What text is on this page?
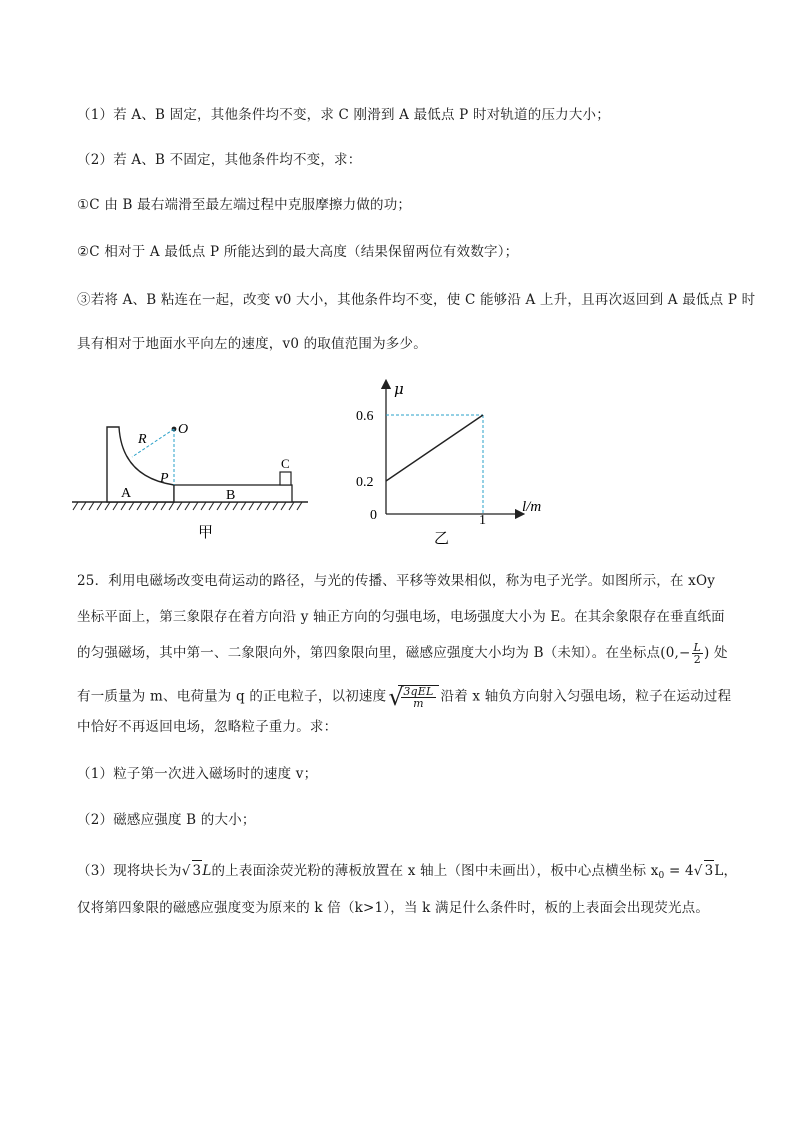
（1）若 A、B 固定，其他条件均不变，求 C 刚滑到 A 最低点 P 时对轨道的压力大小；
（2）若 A、B 不固定，其他条件均不变，求：
①C 由 B 最右端滑至最左端过程中克服摩擦力做的功；
②C 相对于 A 最低点 P 所能达到的最大高度（结果保留两位有效数字）；
③若将 A、B 粘连在一起，改变 v0 大小，其他条件均不变，使 C 能够沿 A 上升，且再次返回到 A 最低点 P 时
具有相对于地面水平向左的速度，v0 的取值范围为多少。
R
O
P
A	B
C
甲
μ
0.6
0.2
0	1
l/m
乙
25．利用电磁场改变电荷运动的路径，与光的传播、平移等效果相似，称为电子光学。如图所示，在 xOy
坐标平面上，第三象限存在着方向沿 y 轴正方向的匀强电场，电场强度大小为 E。在其余象限存在垂直纸面
的匀强磁场，其中第一、二象限向外，第四象限向里，磁感应强度大小均为 B（未知）。在坐标点($0,- \frac{L}{2}$ ) 处
有一质量为 m、电荷量为 q 的正电粒子，以初速度 √
$\frac{\text{3qEL}}{m}$ 沿着 x 轴负方向射入匀强电场，粒子在运动过程
中恰好不再返回电场，忽略粒子重力。求：
（1）粒子第一次进入磁场时的速度 v；
（2）磁感应强度 B 的大小；
（3）现将块长为√ 3L的上表面涂荧光粉的薄板放置在 x 轴上（图中未画出），板中心点横坐标 $x_0 = 4√$ 3L，
仅将第四象限的磁感应强度变为原来的 k 倍（k>1），当 k 满足什么条件时，板的上表面会出现荧光点。
